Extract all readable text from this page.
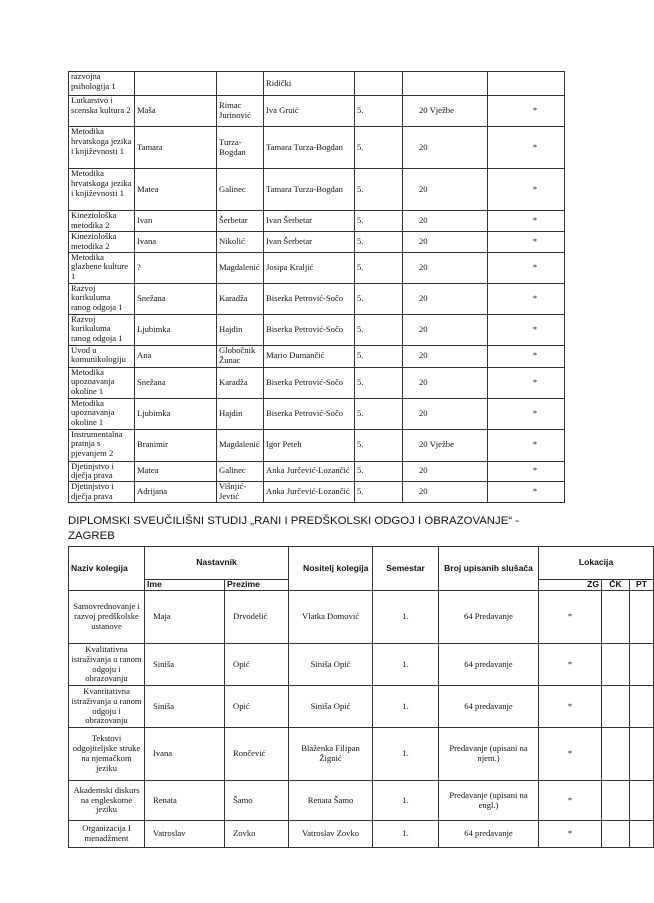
razvojna psihologija 1			Ridički				
Lutkarstvo i scenska kultura 2	Maša	Rimac Jurinović	Iva Gruić	5.	20 Vježbe		*
Metodika hrvatskoga jezika i književnosti 1	Tamara	Turza-Bogdan	Tamara Turza-Bogdan	5.	20		*
Metodika hrvatskoga jezika i književnosti 1	Matea	Galinec	Tamara Turza-Bogdan	5.	20		*
Kineziološka metodika 2	Ivan	Šerbetar	Ivan Šerbetar	5.	20		*
Kineziološka metodika 2	Ivana	Nikolić	Ivan Šerbetar	5.	20		*
Metodika glazbene kulture 1	?	Magdalenić	Josipa Kraljić	5.	20		*
Razvoj kurikuluma ranog odgoja 1	Snežana	Karadža	Biserka Petrović-Sočo	5.	20		*
Razvoj kurikuluma ranog odgoja 1	Ljubimka	Hajdin	Biserka Petrović-Sočo	5.	20		*
Uvod u komunikologiju	Ana	Globočnik Žunac	Mario Dumančić	5.	20		*
Metodika upoznavanja okoline 1	Snežana	Karadža	Biserka Petrović-Sočo	5.	20		*
Metodika upoznavanja okoline 1	Ljubimka	Hajdin	Biserka Petrović-Sočo	5.	20		*
Instrumentalna pratnja s pjevanjem 2	Branimir	Magdalenić	Igor Peteh	5.	20 Vježbe		*
Djetinjstvo i dječja prava	Matea	Galinec	Anka Jurčević-Lozančić	5.	20		*
Djetinjstvo i dječja prava	Adrijana	Višnjić-Jevtić	Anka Jurčević-Lozančić	5.	20		*
DIPLOMSKI SVEUČILIŠNI STUDIJ „RANI I PREDŠKOLSKI ODGOJ I OBRAZOVANJE“ - ZAGREB
Naziv kolegija	Nastavnik		Nositelj kolegija	Semestar	Broj upisanih slušača	Lokacija		
	Ime	Prezime				ZG	ČK	PT
Samovrednovanje i razvoj predškolske ustanove	Maja	Drvodelić	Vlatka Domović	1.	64 Predavanje	*		
Kvalitativna istraživanja u ranom odgoju i obrazovanju	Siniša	Opić	Siniša Opić	1.	64 predavanje	*		
Kvantitativna istraživanja u ranom odgoju i obrazovanju	Siniša	Opić	Siniša Opić	1.	64 predavanje	*		
Tekstovi odgojiteljske struke na njemačkom jeziku	Ivana	Rončević	Blaženka Filipan Žignić	1.	Predavanje (upisani na njem.)	*		
Akademski diskurs na engleskome jeziku	Renata	Šamo	Renata Šamo	1.	Predavanje (upisani na engl.)	*		
Organizacija I menadžment	Vatroslav	Zovko	Vatroslav Zovko	1.	64 predavanje	*		
